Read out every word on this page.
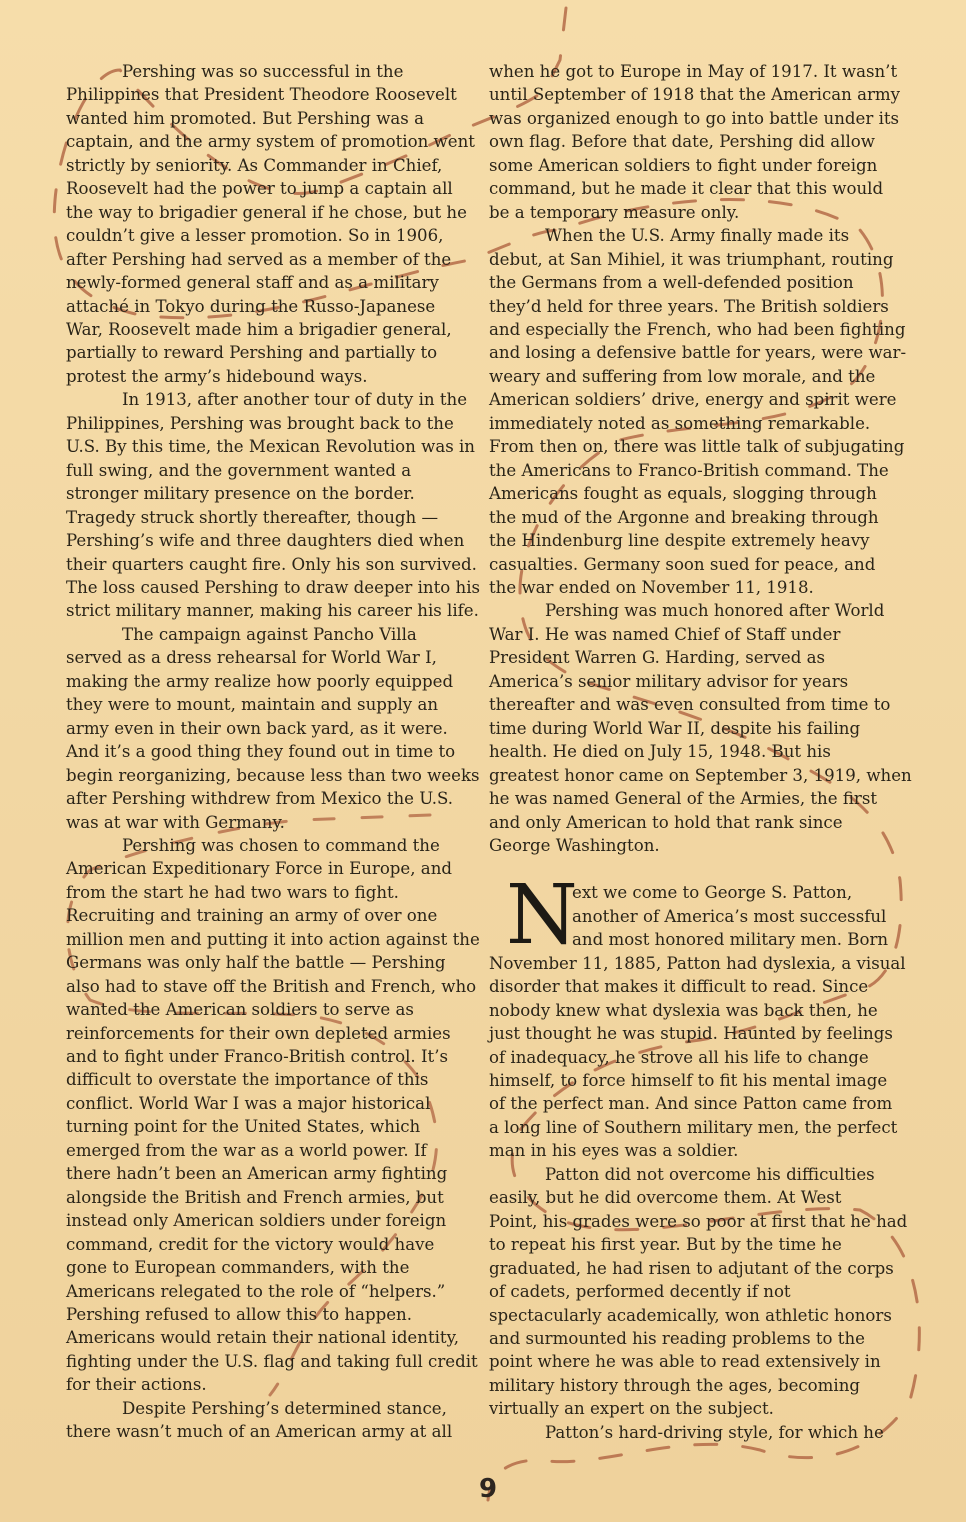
Pershing was so successful in the
Philippines that President Theodore Roosevelt
wanted him promoted. But Pershing was a
captain, and the army system of promotion went
strictly by seniority. As Commander in Chief,
Roosevelt had the power to jump a captain all
the way to brigadier general if he chose, but he
couldn’t give a lesser promotion. So in 1906,
after Pershing had served as a member of the
newly-formed general staff and as a military
attaché in Tokyo during the Russo-Japanese
War, Roosevelt made him a brigadier general,
partially to reward Pershing and partially to
protest the army’s hidebound ways.
In 1913, after another tour of duty in the
Philippines, Pershing was brought back to the
U.S. By this time, the Mexican Revolution was in
full swing, and the government wanted a
stronger military presence on the border.
Tragedy struck shortly thereafter, though —
Pershing’s wife and three daughters died when
their quarters caught fire. Only his son survived.
The loss caused Pershing to draw deeper into his
strict military manner, making his career his life.
The campaign against Pancho Villa
served as a dress rehearsal for World War I,
making the army realize how poorly equipped
they were to mount, maintain and supply an
army even in their own back yard, as it were.
And it’s a good thing they found out in time to
begin reorganizing, because less than two weeks
after Pershing withdrew from Mexico the U.S.
was at war with Germany.
Pershing was chosen to command the
American Expeditionary Force in Europe, and
from the start he had two wars to fight.
Recruiting and training an army of over one
million men and putting it into action against the
Germans was only half the battle — Pershing
also had to stave off the British and French, who
wanted the American soldiers to serve as
reinforcements for their own depleted armies
and to fight under Franco-British control. It’s
difficult to overstate the importance of this
conflict. World War I was a major historical
turning point for the United States, which
emerged from the war as a world power. If
there hadn’t been an American army fighting
alongside the British and French armies, but
instead only American soldiers under foreign
command, credit for the victory would have
gone to European commanders, with the
Americans relegated to the role of “helpers.”
Pershing refused to allow this to happen.
Americans would retain their national identity,
fighting under the U.S. flag and taking full credit
for their actions.
Despite Pershing’s determined stance,
there wasn’t much of an American army at all
when he got to Europe in May of 1917. It wasn’t
until September of 1918 that the American army
was organized enough to go into battle under its
own flag. Before that date, Pershing did allow
some American soldiers to fight under foreign
command, but he made it clear that this would
be a temporary measure only.
When the U.S. Army finally made its
debut, at San Mihiel, it was triumphant, routing
the Germans from a well-defended position
they’d held for three years. The British soldiers
and especially the French, who had been fighting
and losing a defensive battle for years, were war-
weary and suffering from low morale, and the
American soldiers’ drive, energy and spirit were
immediately noted as something remarkable.
From then on, there was little talk of subjugating
the Americans to Franco-British command. The
Americans fought as equals, slogging through
the mud of the Argonne and breaking through
the Hindenburg line despite extremely heavy
casualties. Germany soon sued for peace, and
the war ended on November 11, 1918.
Pershing was much honored after World
War I. He was named Chief of Staff under
President Warren G. Harding, served as
America’s senior military advisor for years
thereafter and was even consulted from time to
time during World War II, despite his failing
health. He died on July 15, 1948. But his
greatest honor came on September 3, 1919, when
he was named General of the Armies, the first
and only American to hold that rank since
George Washington.
N
ext we come to George S. Patton,
another of America’s most successful
and most honored military men. Born
November 11, 1885, Patton had dyslexia, a visual
disorder that makes it difficult to read. Since
nobody knew what dyslexia was back then, he
just thought he was stupid. Haunted by feelings
of inadequacy, he strove all his life to change
himself, to force himself to fit his mental image
of the perfect man. And since Patton came from
a long line of Southern military men, the perfect
man in his eyes was a soldier.
Patton did not overcome his difficulties
easily, but he did overcome them. At West
Point, his grades were so poor at first that he had
to repeat his first year. But by the time he
graduated, he had risen to adjutant of the corps
of cadets, performed decently if not
spectacularly academically, won athletic honors
and surmounted his reading problems to the
point where he was able to read extensively in
military history through the ages, becoming
virtually an expert on the subject.
Patton’s hard-driving style, for which he
9
